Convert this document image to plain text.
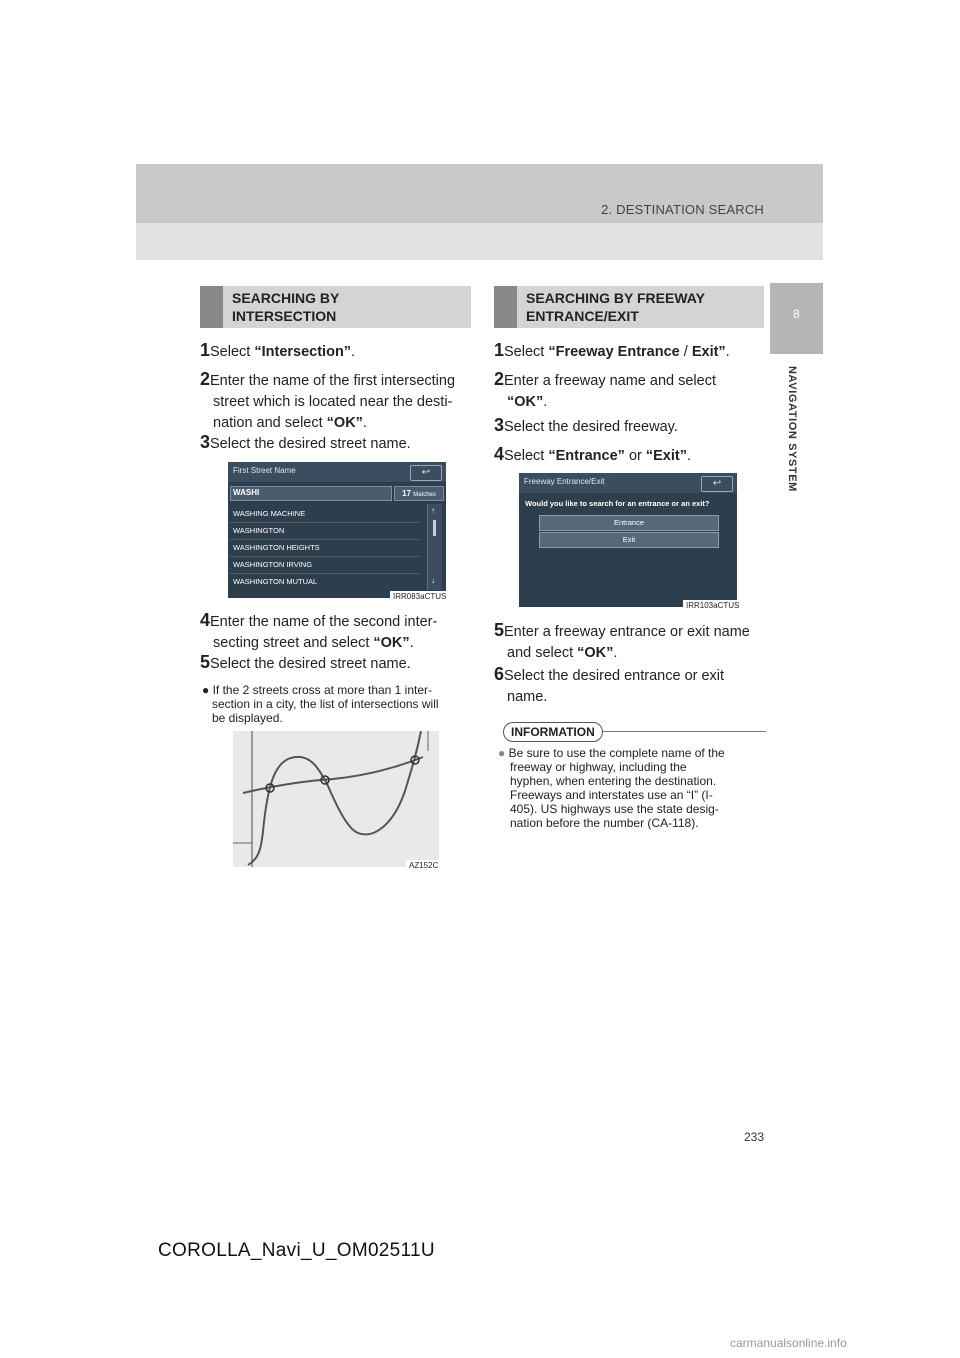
2. DESTINATION SEARCH
8
NAVIGATION SYSTEM
SEARCHING BY
INTERSECTION
1Select “Intersection”.
2Enter the name of the first intersecting
street which is located near the desti-
nation and select “OK”.
3Select the desired street name.
First Street Name	↩
WASHI	17 Matches
WASHING MACHINE
WASHINGTON
WASHINGTON HEIGHTS
WASHINGTON IRVING
WASHINGTON MUTUAL
↑
↓
IRR083aCTUS
4Enter the name of the second inter-
secting street and select “OK”.
5Select the desired street name.
● If the 2 streets cross at more than 1 inter-
section in a city, the list of intersections will
be displayed.
AZ152C
SEARCHING BY FREEWAY
ENTRANCE/EXIT
1Select “Freeway Entrance / Exit”.
2Enter a freeway name and select
“OK”.
3Select the desired freeway.
4Select “Entrance” or “Exit”.
Freeway Entrance/Exit	↩
Would you like to search for an entrance or an exit?
Entrance
Exit
IRR103aCTUS
5Enter a freeway entrance or exit name
and select “OK”.
6Select the desired entrance or exit
name.
INFORMATION
● Be sure to use the complete name of the
freeway or highway, including the
hyphen, when entering the destination.
Freeways and interstates use an “I” (I-
405). US highways use the state desig-
nation before the number (CA-118).
233
COROLLA_Navi_U_OM02511U
carmanualsonline.info
